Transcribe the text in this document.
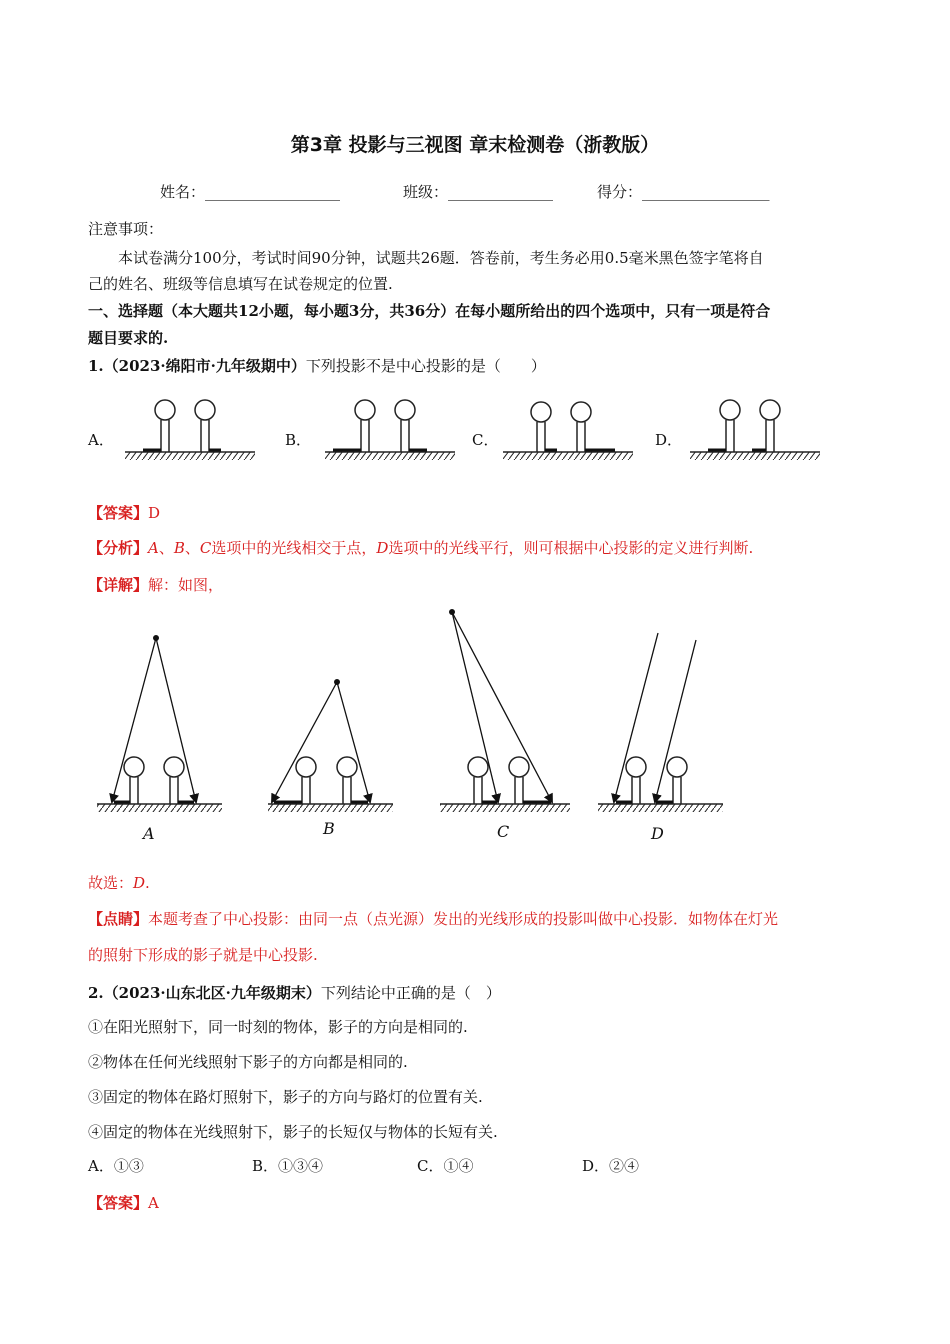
第3章 投影与三视图 章末检测卷（浙教版）
姓名：__________________	班级：______________	得分：_________________
注意事项：
本试卷满分100分，考试时间90分钟，试题共26题．答卷前，考生务必用0.5毫米黑色签字笔将自
己的姓名、班级等信息填写在试卷规定的位置.
一、选择题（本大题共12小题，每小题3分，共36分）在每小题所给出的四个选项中，只有一项是符合
题目要求的.
1.（2023·绵阳市·九年级期中）下列投影不是中心投影的是（　　）
A．	B．	C．	D．
【答案】D
【分析】A、B、C选项中的光线相交于点，D选项中的光线平行，则可根据中心投影的定义进行判断.
【详解】解：如图，
A	B	C	D
故选：D.
【点睛】本题考查了中心投影：由同一点（点光源）发出的光线形成的投影叫做中心投影．如物体在灯光
的照射下形成的影子就是中心投影.
2.（2023·山东北区·九年级期末）下列结论中正确的是（　）
①在阳光照射下，同一时刻的物体，影子的方向是相同的.
②物体在任何光线照射下影子的方向都是相同的.
③固定的物体在路灯照射下，影子的方向与路灯的位置有关.
④固定的物体在光线照射下，影子的长短仅与物体的长短有关.
A．①③	B．①③④	C．①④	D．②④
【答案】A
